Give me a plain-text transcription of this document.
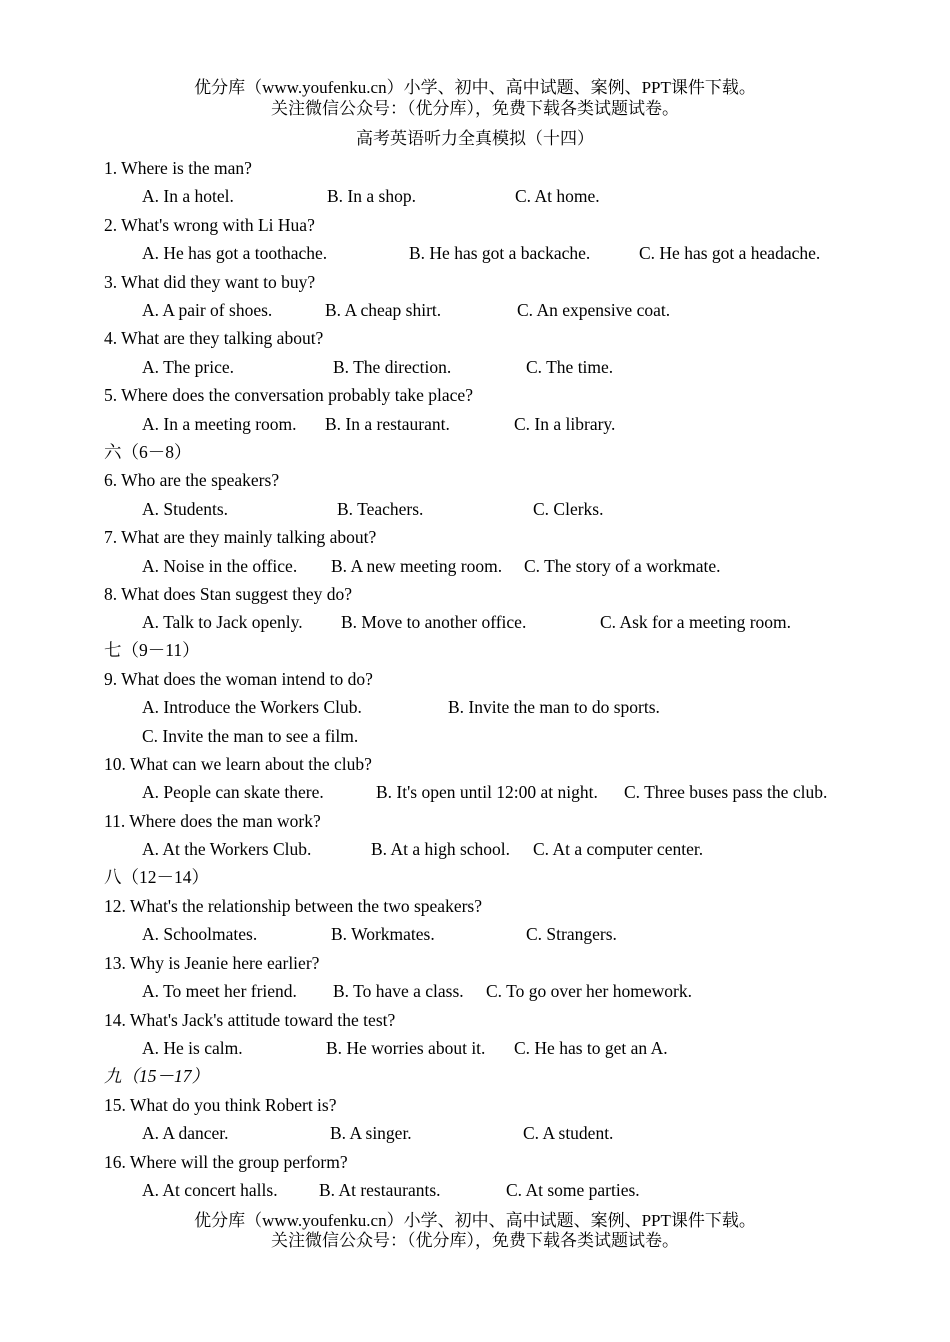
优分库（www.youfenku.cn）小学、初中、高中试题、案例、PPT课件下载。
关注微信公众号：（优分库），免费下载各类试题试卷。
高考英语听力全真模拟（十四）
1. Where is the man?
A. In a hotel.	B. In a shop.	C. At home.
2. What's wrong with Li Hua?
A. He has got a toothache.	B. He has got a backache.	C. He has got a headache.
3. What did they want to buy?
A. A pair of shoes.	B. A cheap shirt.	C. An expensive coat.
4. What are they talking about?
A. The price.	B. The direction.	C. The time.
5. Where does the conversation probably take place?
A. In a meeting room. B. In a restaurant.	C. In a library.
六（6－8）
6. Who are the speakers?
A. Students.	B. Teachers.	C. Clerks.
7. What are they mainly talking about?
A. Noise in the office. B. A new meeting room. C. The story of a workmate.
8. What does Stan suggest they do?
A. Talk to Jack openly. B. Move to another office.	C. Ask for a meeting room.
七（9－11）
9. What does the woman intend to do?
A. Introduce the Workers Club.	B. Invite the man to do sports.
C. Invite the man to see a film.
10. What can we learn about the club?
A. People can skate there.	B. It's open until 12:00 at night. C. Three buses pass the club.
11. Where does the man work?
A. At the Workers Club.	B. At a high school. C. At a computer center.
八（12－14）
12. What's the relationship between the two speakers?
A. Schoolmates.	B. Workmates.	C. Strangers.
13. Why is Jeanie here earlier?
A. To meet her friend. B. To have a class. C. To go over her homework.
14. What's Jack's attitude toward the test?
A. He is calm.	B. He worries about it. C. He has to get an A.
九（15－17）
15. What do you think Robert is?
A. A dancer.	B. A singer.	C. A student.
16. Where will the group perform?
A. At concert halls. B. At restaurants.	C. At some parties.
优分库（www.youfenku.cn）小学、初中、高中试题、案例、PPT课件下载。
关注微信公众号：（优分库），免费下载各类试题试卷。
